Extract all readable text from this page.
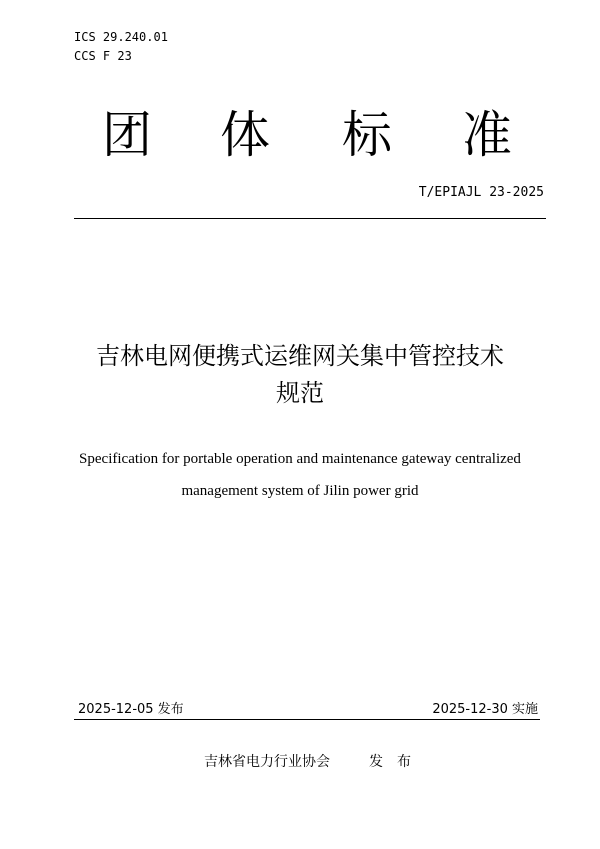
ICS 29.240.01
CCS F 23
团 体 标 准
T/EPIAJL 23-2025
吉林电网便携式运维网关集中管控技术
规范
Specification for portable operation and maintenance gateway centralized
management system of Jilin power grid
2025-12-05 发布	2025-12-30 实施
吉林省电力行业协会	发布
